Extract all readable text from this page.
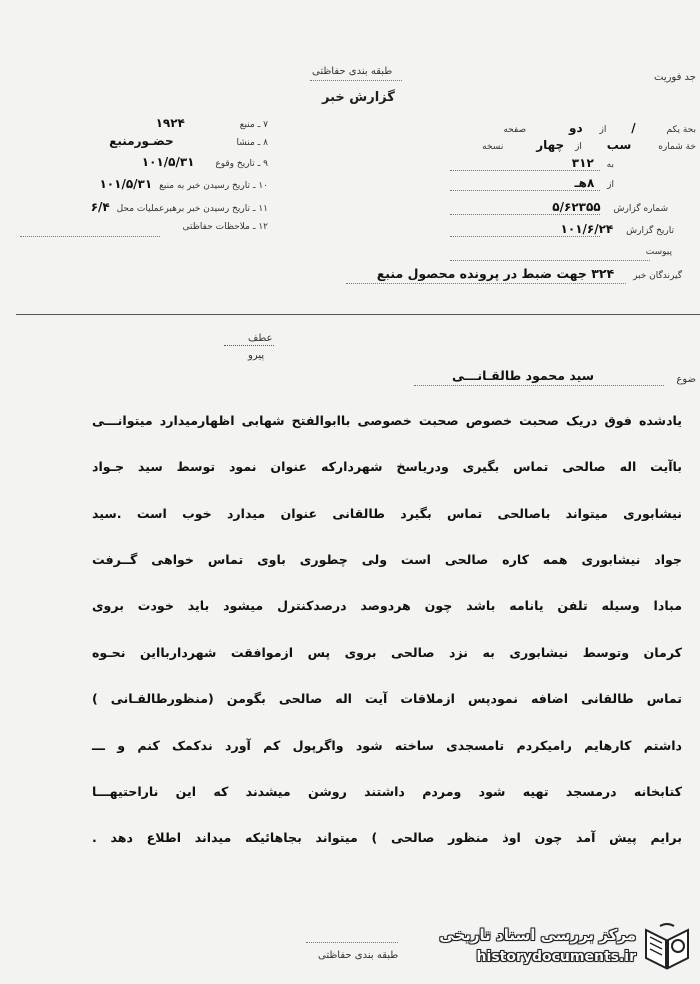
طبقه بندی حفاظتی
گزارش خبر
جد فوریت
بحة يكم / از دو صفحه
خة شماره سب از چهار نسخه
به ۳۱۲
از ۸هـ
شماره گزارش ۵/۶۲۳۵۵
تاریخ گزارش ۱۰۱/۶/۲۴
پیوست
گیرندگان خبر ۳۲۴ جهت ضبط در پرونده محصول منبع
۷ ـ منبع ۱۹۲۴
۸ ـ منشا حضـورمنبع
۹ ـ تاریخ وقوع ۱۰۱/۵/۳۱
۱۰ ـ تاریخ رسیدن خبر به منبع ۱۰۱/۵/۳۱
۱۱ ـ تاریخ رسیدن خبر برهبرعملیات محل ۶/۴
۱۲ ـ ملاحظات حفاظتی
عطف
پیرو
ضوع
سید محمود طالقـانـــی
یادشده فوق دریک صحبت خصوص صحبت خصوصی باابوالفتح شهابی اظهارمیدارد میتوانـــی
باآیت اله صالحی تماس بگیری ودریاسخ شهرداركه عنوان نمود توسط سید جـواد
نیشابوری میتواند باصالحی تماس بگیرد طالقانی عنوان میدارد خوب است .سید
جواد نیشابوری همه کاره صالحی است ولی چطوری باوی تماس خواهی گــرفت
مبادا وسیله تلفن یانامه باشد چون هردوصد درصدکنترل میشود باید خودت بروی
کرمان وتوسط نیشابوری به نزد صالحی بروی پس ازموافقت شهرداربااین نحـوه
تماس طالقانی اضافه نمودپس ازملاقات آیت اله صالحی بگومن (منظورطالقـانی )
داشتم کارهایم رامیکردم تامسجدی ساخته شود واگرپول کم آورد ندکمک کنم و ـــ
کتابخانه درمسجد تهیه شود ومردم داشتند روشن میشدند كه این ناراحتیهـــا
برایم پیش آمد چون اوذ منظور صالحی ) میتواند بجاهائیکه میداند اطلاع دهد .
طبقه بندی حفاظتی
مرکز بررسی اسناد تاریخی
historydocuments.ir
